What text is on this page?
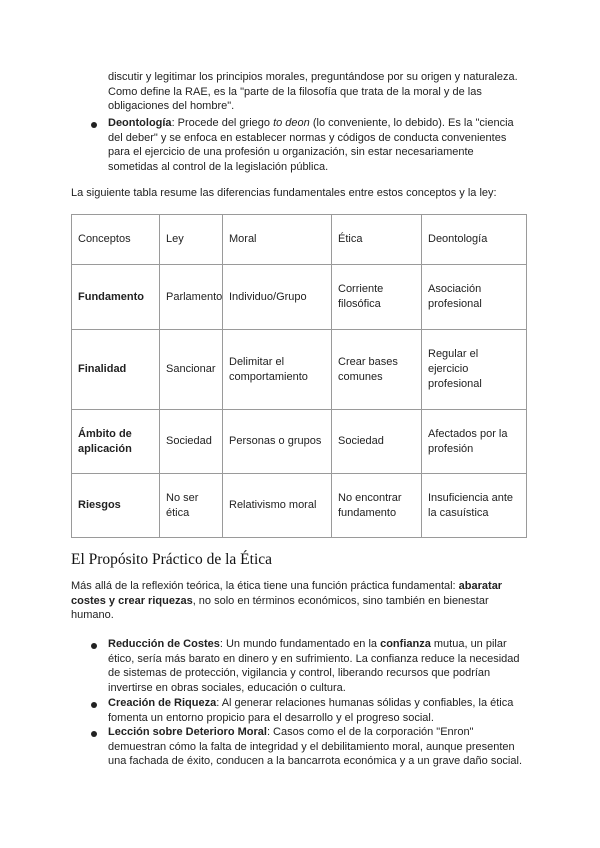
discutir y legitimar los principios morales, preguntándose por su origen y naturaleza.
Como define la RAE, es la "parte de la filosofía que trata de la moral y de las
obligaciones del hombre".
Deontología: Procede del griego to deon (lo conveniente, lo debido). Es la "ciencia
del deber" y se enfoca en establecer normas y códigos de conducta convenientes
para el ejercicio de una profesión u organización, sin estar necesariamente
sometidas al control de la legislación pública.
La siguiente tabla resume las diferencias fundamentales entre estos conceptos y la ley:
Conceptos	Ley	Moral	Ética	Deontología
Fundamento	Parlamento	Individuo/Grupo	Corriente filosófica	Asociación profesional
Finalidad	Sancionar	Delimitar el comportamiento	Crear bases comunes	Regular el ejercicio profesional
Ámbito de aplicación	Sociedad	Personas o grupos	Sociedad	Afectados por la profesión
Riesgos	No ser ética	Relativismo moral	No encontrar fundamento	Insuficiencia ante la casuística
El Propósito Práctico de la Ética
Más allá de la reflexión teórica, la ética tiene una función práctica fundamental: abaratar
costes y crear riquezas, no solo en términos económicos, sino también en bienestar
humano.
Reducción de Costes: Un mundo fundamentado en la confianza mutua, un pilar
ético, sería más barato en dinero y en sufrimiento. La confianza reduce la necesidad
de sistemas de protección, vigilancia y control, liberando recursos que podrían
invertirse en obras sociales, educación o cultura.
Creación de Riqueza: Al generar relaciones humanas sólidas y confiables, la ética
fomenta un entorno propicio para el desarrollo y el progreso social.
Lección sobre Deterioro Moral: Casos como el de la corporación "Enron"
demuestran cómo la falta de integridad y el debilitamiento moral, aunque presenten
una fachada de éxito, conducen a la bancarrota económica y a un grave daño social.
